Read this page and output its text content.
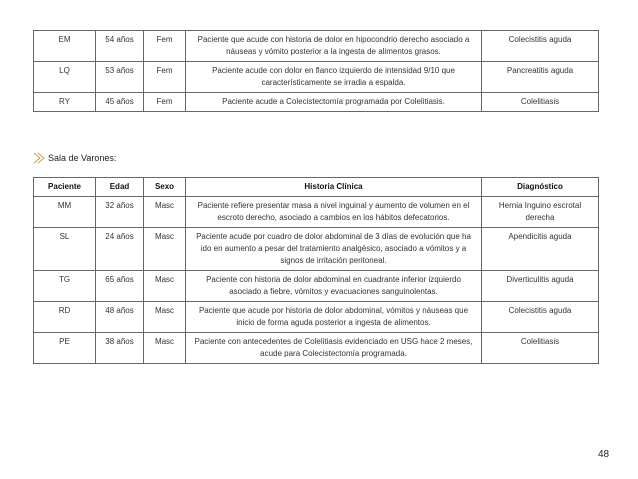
EM	54 años	Fem	Paciente que acude con historia de dolor en hipocondrio derecho asociado a náuseas y vómito posterior a la ingesta de alimentos grasos.	Colecistitis aguda
LQ	53 años	Fem	Paciente acude con dolor en flanco izquierdo de intensidad 9/10 que característicamente se irradia a espalda.	Pancreatitis aguda
RY	45 años	Fem	Paciente acude a Colecistectomía programada por Colelitiasis.	Colelitiasis
Sala de Varones:
Paciente	Edad	Sexo	Historia Clínica	Diagnóstico
MM	32 años	Masc	Paciente refiere presentar masa a nivel inguinal y aumento de volumen en el escroto derecho, asociado a cambios en los hábitos defecatorios.	Hernia Inguino escrotal derecha
SL	24 años	Masc	Paciente acude por cuadro de dolor abdominal de 3 días de evolución que ha ido en aumento a pesar del tratamiento analgésico, asociado a vómitos y a signos de irritación peritoneal.	Apendicitis aguda
TG	65 años	Masc	Paciente con historia de dolor abdominal en cuadrante inferior izquierdo asociado a fiebre, vómitos y evacuaciones sanguinolentas.	Diverticulitis aguda
RD	48 años	Masc	Paciente que acude por historia de dolor abdominal, vómitos y náuseas que inicio de forma aguda posterior a ingesta de alimentos.	Colecistitis aguda
PE	38 años	Masc	Paciente con antecedentes de Colelitiasis evidenciado en USG hace 2 meses, acude para Colecistectomía programada.	Colelitiasis
48
